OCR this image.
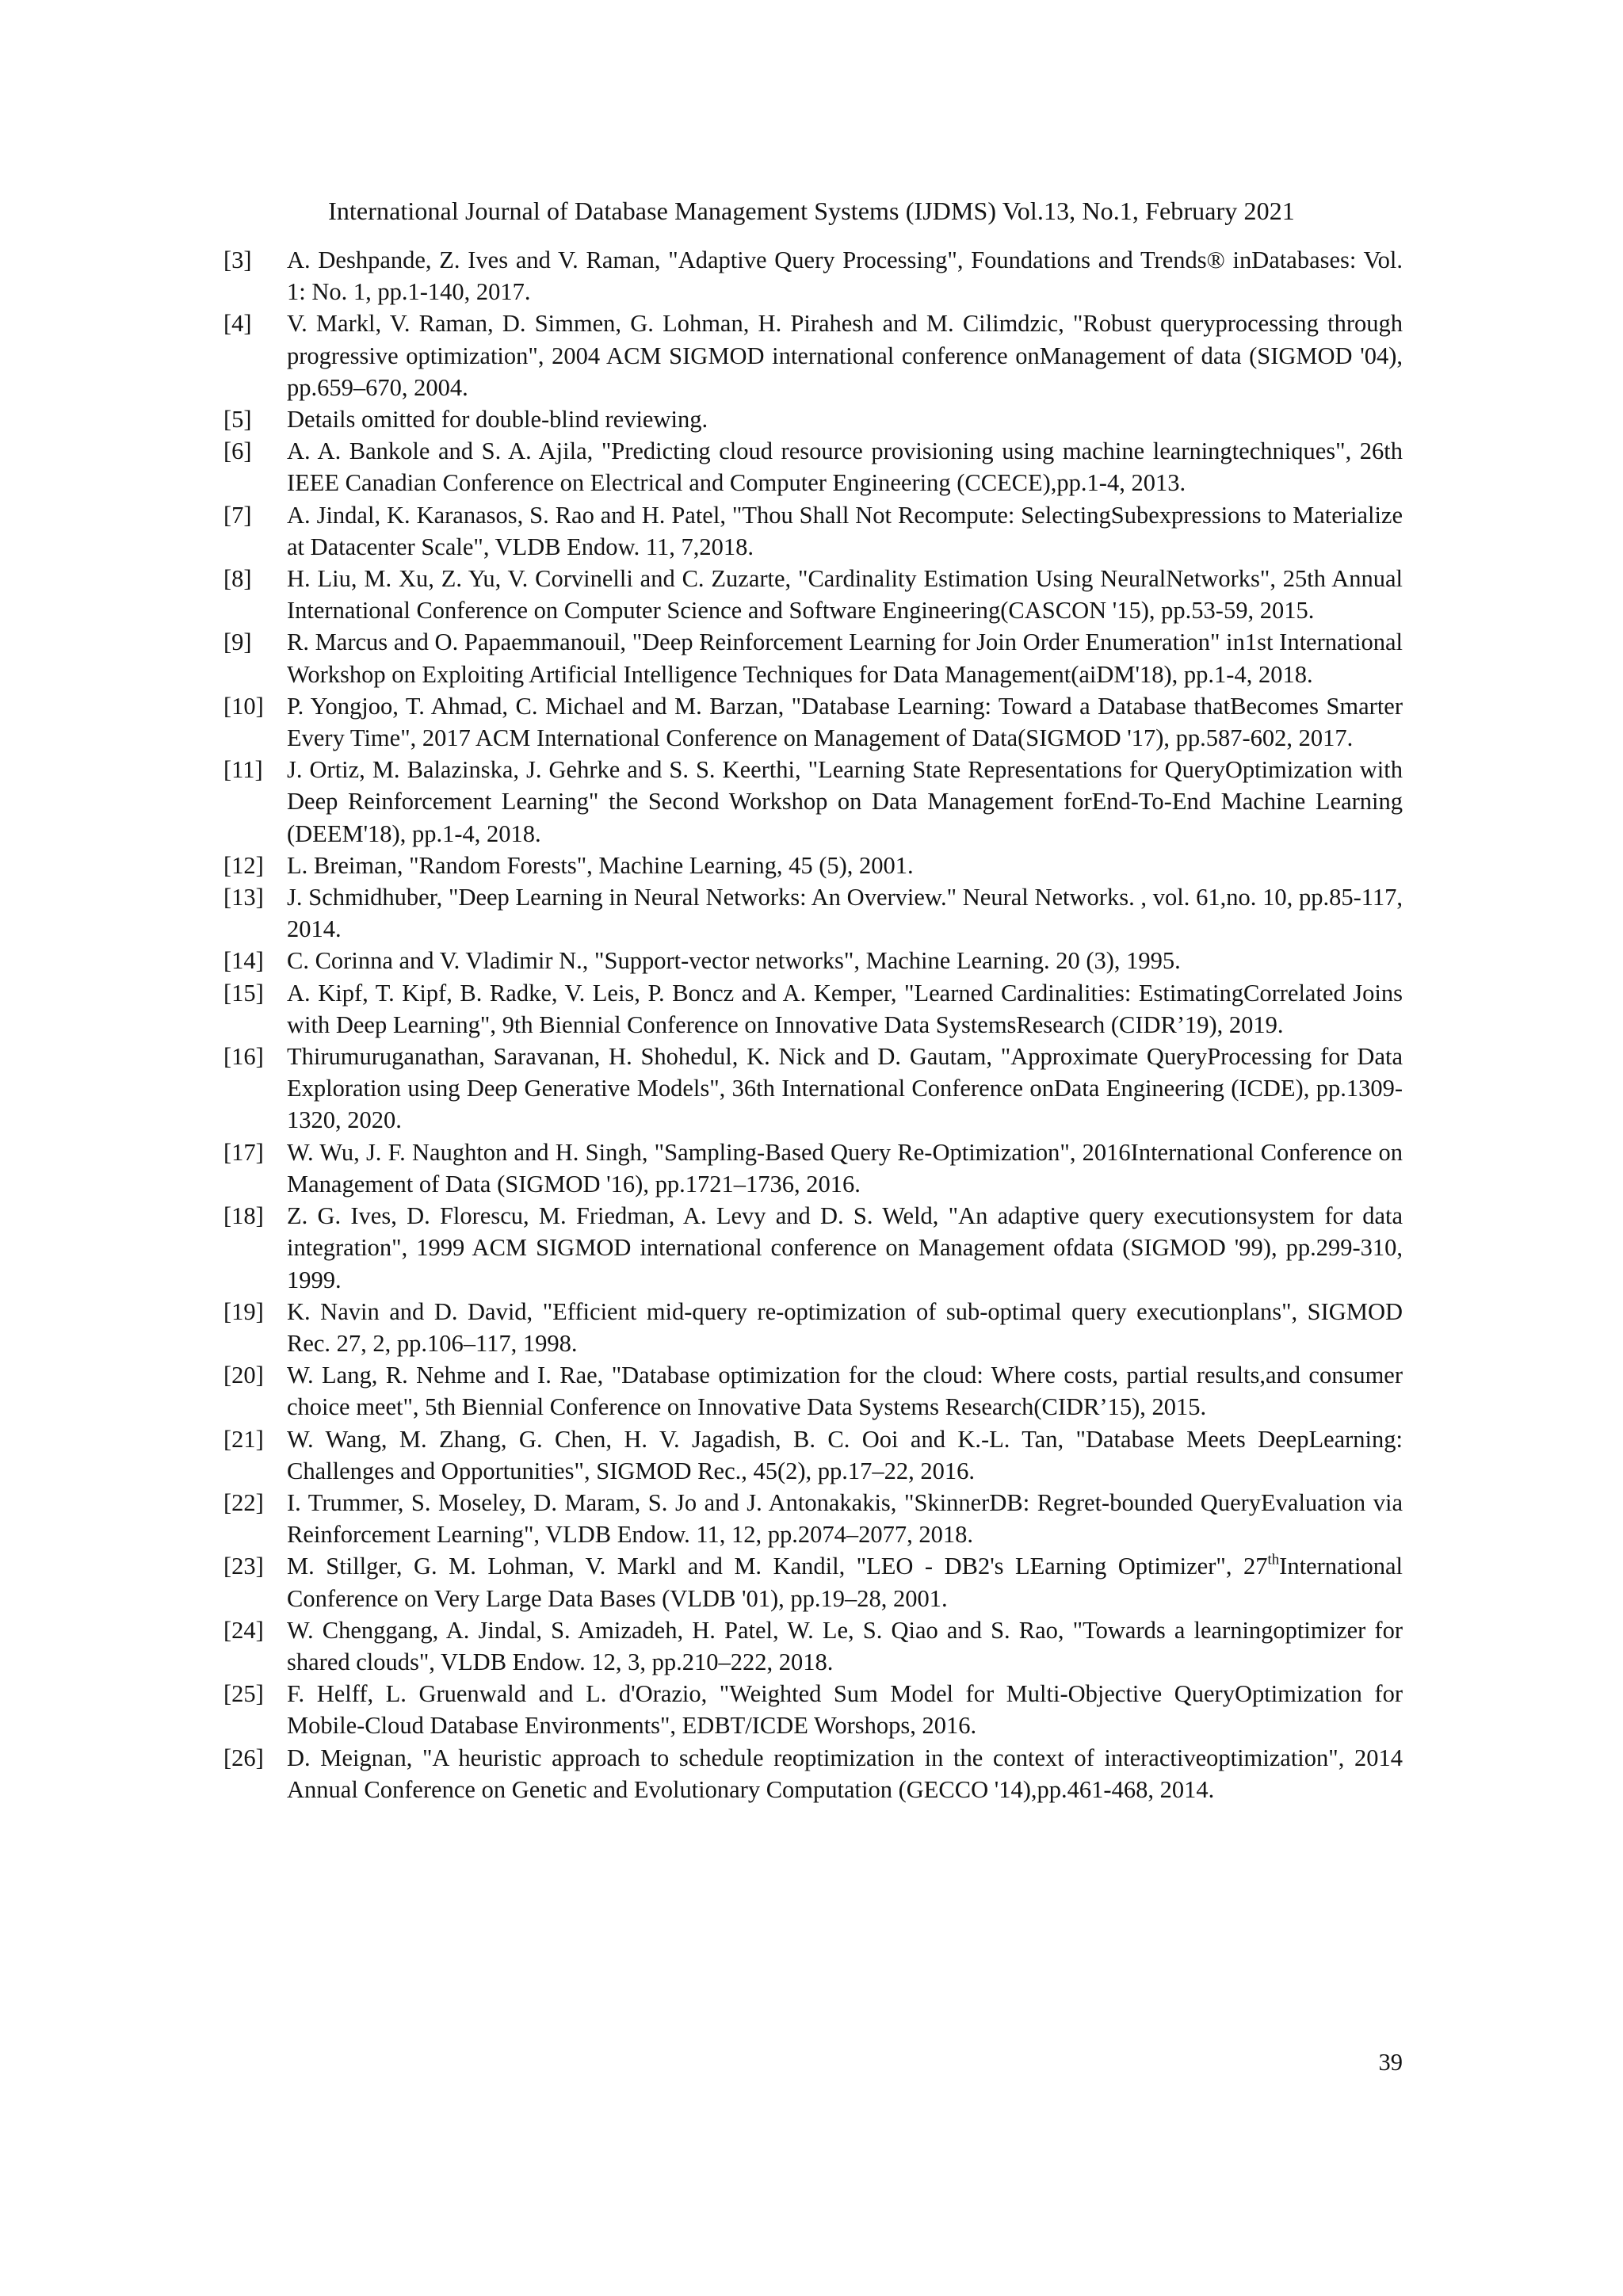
International Journal of Database Management Systems (IJDMS) Vol.13, No.1, February 2021
[3]	A. Deshpande, Z. Ives and V. Raman, "Adaptive Query Processing", Foundations and Trends® inDatabases: Vol. 1: No. 1, pp.1-140, 2017.
[4]	V. Markl, V. Raman, D. Simmen, G. Lohman, H. Pirahesh and M. Cilimdzic, "Robust queryprocessing through progressive optimization", 2004 ACM SIGMOD international conference onManagement of data (SIGMOD '04), pp.659–670, 2004.
[5]	Details omitted for double-blind reviewing.
[6]	A. A. Bankole and S. A. Ajila, "Predicting cloud resource provisioning using machine learningtechniques", 26th IEEE Canadian Conference on Electrical and Computer Engineering (CCECE),pp.1-4, 2013.
[7]	A. Jindal, K. Karanasos, S. Rao and H. Patel, "Thou Shall Not Recompute: SelectingSubexpressions to Materialize at Datacenter Scale", VLDB Endow. 11, 7,2018.
[8]	H. Liu, M. Xu, Z. Yu, V. Corvinelli and C. Zuzarte, "Cardinality Estimation Using NeuralNetworks", 25th Annual International Conference on Computer Science and Software Engineering(CASCON '15), pp.53-59, 2015.
[9]	R. Marcus and O. Papaemmanouil, "Deep Reinforcement Learning for Join Order Enumeration" in1st International Workshop on Exploiting Artificial Intelligence Techniques for Data Management(aiDM'18), pp.1-4, 2018.
[10] P. Yongjoo, T. Ahmad, C. Michael and M. Barzan, "Database Learning: Toward a Database thatBecomes Smarter Every Time", 2017 ACM International Conference on Management of Data(SIGMOD '17), pp.587-602, 2017.
[11] J. Ortiz, M. Balazinska, J. Gehrke and S. S. Keerthi, "Learning State Representations for QueryOptimization with Deep Reinforcement Learning" the Second Workshop on Data Management forEnd-To-End Machine Learning (DEEM'18), pp.1-4, 2018.
[12] L. Breiman, "Random Forests", Machine Learning, 45 (5), 2001.
[13] J. Schmidhuber, "Deep Learning in Neural Networks: An Overview." Neural Networks. , vol. 61,no. 10, pp.85-117, 2014.
[14] C. Corinna and V. Vladimir N., "Support-vector networks", Machine Learning. 20 (3), 1995.
[15] A. Kipf, T. Kipf, B. Radke, V. Leis, P. Boncz and A. Kemper, "Learned Cardinalities: EstimatingCorrelated Joins with Deep Learning", 9th Biennial Conference on Innovative Data SystemsResearch (CIDR’19), 2019.
[16] Thirumuruganathan, Saravanan, H. Shohedul, K. Nick and D. Gautam, "Approximate QueryProcessing for Data Exploration using Deep Generative Models", 36th International Conference onData Engineering (ICDE), pp.1309-1320, 2020.
[17] W. Wu, J. F. Naughton and H. Singh, "Sampling-Based Query Re-Optimization", 2016International Conference on Management of Data (SIGMOD '16), pp.1721–1736, 2016.
[18] Z. G. Ives, D. Florescu, M. Friedman, A. Levy and D. S. Weld, "An adaptive query executionsystem for data integration", 1999 ACM SIGMOD international conference on Management ofdata (SIGMOD '99), pp.299-310, 1999.
[19] K. Navin and D. David, "Efficient mid-query re-optimization of sub-optimal query executionplans", SIGMOD Rec. 27, 2, pp.106–117, 1998.
[20] W. Lang, R. Nehme and I. Rae, "Database optimization for the cloud: Where costs, partial results,and consumer choice meet", 5th Biennial Conference on Innovative Data Systems Research(CIDR’15), 2015.
[21] W. Wang, M. Zhang, G. Chen, H. V. Jagadish, B. C. Ooi and K.-L. Tan, "Database Meets DeepLearning: Challenges and Opportunities", SIGMOD Rec., 45(2), pp.17–22, 2016.
[22] I. Trummer, S. Moseley, D. Maram, S. Jo and J. Antonakakis, "SkinnerDB: Regret-bounded QueryEvaluation via Reinforcement Learning", VLDB Endow. 11, 12, pp.2074–2077, 2018.
[23] M. Stillger, G. M. Lohman, V. Markl and M. Kandil, "LEO - DB2's LEarning Optimizer", 27thInternational Conference on Very Large Data Bases (VLDB '01), pp.19–28, 2001.
[24] W. Chenggang, A. Jindal, S. Amizadeh, H. Patel, W. Le, S. Qiao and S. Rao, "Towards a learningoptimizer for shared clouds", VLDB Endow. 12, 3, pp.210–222, 2018.
[25] F. Helff, L. Gruenwald and L. d'Orazio, "Weighted Sum Model for Multi-Objective QueryOptimization for Mobile-Cloud Database Environments", EDBT/ICDE Worshops, 2016.
[26] D. Meignan, "A heuristic approach to schedule reoptimization in the context of interactiveoptimization", 2014 Annual Conference on Genetic and Evolutionary Computation (GECCO '14),pp.461-468, 2014.
39
